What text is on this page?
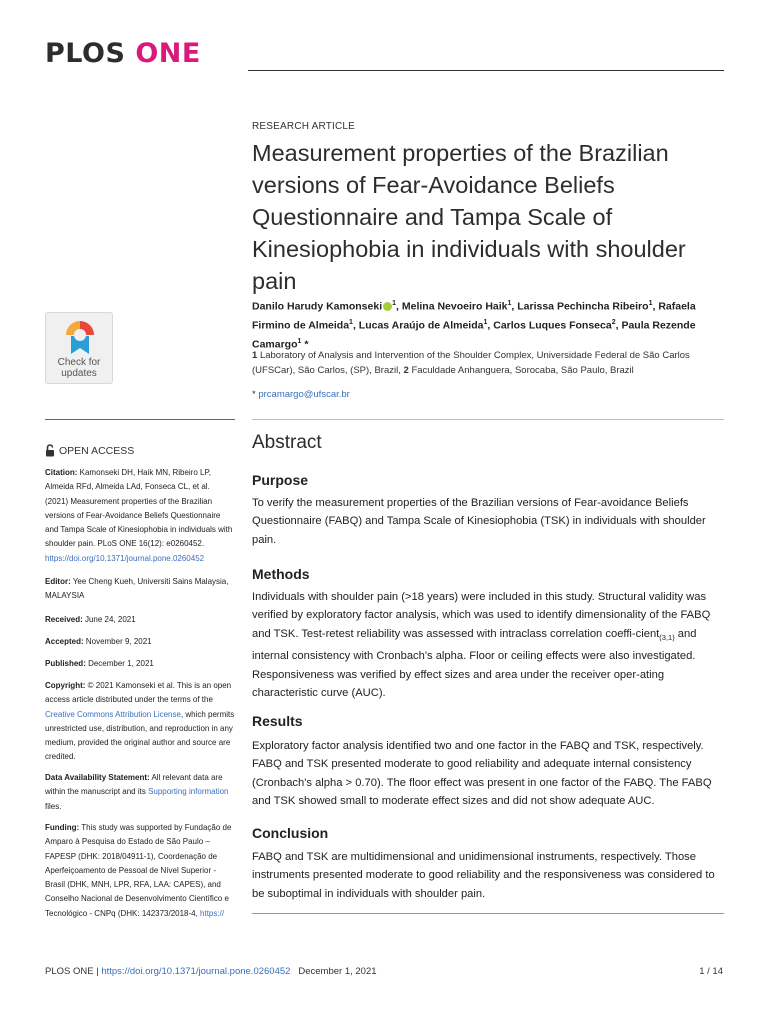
PLOS ONE
RESEARCH ARTICLE
Measurement properties of the Brazilian versions of Fear-Avoidance Beliefs Questionnaire and Tampa Scale of Kinesiophobia in individuals with shoulder pain
Danilo Harudy Kamonseki $^1$, Melina Nevoeiro Haik$^1$, Larissa Pechincha Ribeiro$^1$, Rafaela Firmino de Almeida$^1$, Lucas Araújo de Almeida$^1$, Carlos Luques Fonseca$^2$, Paula Rezende Camargo$^1$ *
1 Laboratory of Analysis and Intervention of the Shoulder Complex, Universidade Federal de São Carlos (UFSCar), São Carlos, (SP), Brazil, 2 Faculdade Anhanguera, Sorocaba, São Paulo, Brazil
* prcamargo@ufscar.br
Check for
updates
OPEN ACCESS
Citation: Kamonseki DH, Haik MN, Ribeiro LP, Almeida RFd, Almeida LAd, Fonseca CL, et al. (2021) Measurement properties of the Brazilian versions of Fear-Avoidance Beliefs Questionnaire and Tampa Scale of Kinesiophobia in individuals with shoulder pain. PLoS ONE 16(12): e0260452. https://doi.org/10.1371/journal.pone.0260452
Editor: Yee Cheng Kueh, Universiti Sains Malaysia, MALAYSIA
Received: June 24, 2021
Accepted: November 9, 2021
Published: December 1, 2021
Copyright: © 2021 Kamonseki et al. This is an open access article distributed under the terms of the Creative Commons Attribution License, which permits unrestricted use, distribution, and reproduction in any medium, provided the original author and source are credited.
Data Availability Statement: All relevant data are within the manuscript and its Supporting information files.
Funding: This study was supported by Fundação de Amparo à Pesquisa do Estado de São Paulo – FAPESP (DHK: 2018/04911-1), Coordenação de Aperfeiçoamento de Pessoal de Nível Superior - Brasil (DHK, MNH, LPR, RFA, LAA: CAPES), and Conselho Nacional de Desenvolvimento Científico e Tecnológico - CNPq (DHK: 142373/2018-4, https://
Abstract
Purpose
To verify the measurement properties of the Brazilian versions of Fear-avoidance Beliefs Questionnaire (FABQ) and Tampa Scale of Kinesiophobia (TSK) in individuals with shoulder pain.
Methods
Individuals with shoulder pain (>18 years) were included in this study. Structural validity was verified by exploratory factor analysis, which was used to identify dimensionality of the FABQ and TSK. Test-retest reliability was assessed with intraclass correlation coeffi-cient$_{(3,1)}$ and internal consistency with Cronbach's alpha. Floor or ceiling effects were also investigated. Responsiveness was verified by effect sizes and area under the receiver oper-ating characteristic curve (AUC).
Results
Exploratory factor analysis identified two and one factor in the FABQ and TSK, respectively. FABQ and TSK presented moderate to good reliability and adequate internal consistency (Cronbach's alpha > 0.70). The floor effect was present in one factor of the FABQ. The FABQ and TSK showed small to moderate effect sizes and did not show adequate AUC.
Conclusion
FABQ and TSK are multidimensional and unidimensional instruments, respectively. Those instruments presented moderate to good reliability and the responsiveness was considered to be suboptimal in individuals with shoulder pain.
PLOS ONE | https://doi.org/10.1371/journal.pone.0260452 December 1, 2021	1 / 14
